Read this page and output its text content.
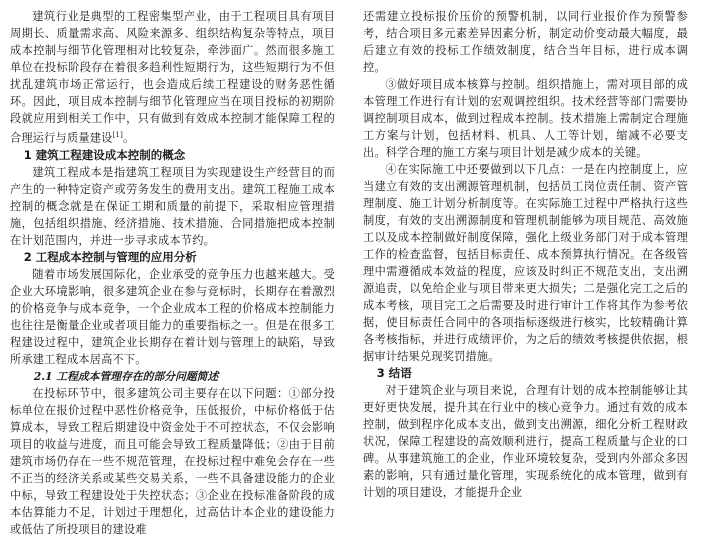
建筑行业是典型的工程密集型产业，由于工程项目具有项目周期长、质量需求高、风险来源多、组织结构复杂等特点，项目成本控制与细节化管理相对比较复杂，牵涉面广。然而很多施工单位在投标阶段存在着很多趋利性短期行为，这些短期行为不但扰乱建筑市场正常运行，也会造成后续工程建设的财务恶性循环。因此，项目成本控制与细节化管理应当在项目投标的初期阶段就应用到相关工作中，只有做到有效成本控制才能保障工程的合理运行与质量建设[1]。

1 建筑工程建设成本控制的概念

建筑工程成本是指建筑工程项目为实现建设生产经营目的而产生的一种特定资产或劳务发生的费用支出。建筑工程施工成本控制的概念就是在保证工期和质量的前提下，采取相应管理措施，包括组织措施、经济措施、技术措施、合同措施把成本控制在计划范围内，并进一步寻求成本节约。

2 工程成本控制与管理的应用分析

随着市场发展国际化，企业承受的竞争压力也越来越大。受企业大环境影响，很多建筑企业在参与竞标时，长期存在着激烈的价格竞争与成本竞争，一个企业成本工程的价格成本控制能力也往往是衡量企业或者项目能力的重要指标之一。但是在很多工程建设过程中，建筑企业长期存在着计划与管理上的缺陷，导致所承建工程成本居高不下。

2.1 工程成本管理存在的部分问题简述

在投标环节中，很多建筑公司主要存在以下问题：①部分投标单位在报价过程中恶性价格竞争，压低报价，中标价格低于估算成本，导致工程后期建设中资金处于不可控状态，不仅会影响项目的收益与进度，而且可能会导致工程质量降低；②由于目前建筑市场仍存在一些不规范管理，在投标过程中难免会存在一些不正当的经济关系或某些交易关系，一些不具备建设能力的企业中标，导致工程建设处于失控状态；③企业在投标准备阶段的成本估算能力不足，计划过于理想化，过高估计本企业的建设能力或低估了所投项目的建设难

还需建立投标报价压价的预警机制，以同行业报价作为预警参考，结合项目多元素差异因素分析，制定动价变动最大幅度，最后建立有效的投标工作绩效制度，结合当年目标，进行成本调控。

③做好项目成本核算与控制。组织措施上，需对项目部的成本管理工作进行有计划的宏观调控组织。技术经营等部门需要协调控制项目成本，做到过程成本控制。技术措施上需制定合理施工方案与计划，包括材料、机具、人工等计划，缩减不必要支出。科学合理的施工方案与项目计划是减少成本的关键。

④在实际施工中还要做到以下几点：一是在内控制度上，应当建立有效的支出溯源管理机制，包括员工岗位责任制、资产管理制度、施工计划分析制度等。在实际施工过程中严格执行这些制度，有效的支出溯源制度和管理机制能够为项目规范、高效施工以及成本控制做好制度保障，强化上级业务部门对于成本管理工作的检查监督，包括目标责任、成本预算执行情况。在各级管理中需遵循成本效益的程度，应该及时纠正不规范支出，支出溯源追责，以免给企业与项目带来更大损失；二是强化完工之后的成本考核，项目完工之后需要及时进行审计工作将其作为参考依据，使目标责任合同中的各项指标逐级进行核实，比较精确计算各考核指标，并进行成绩评价，为之后的绩效考核提供依据，根据审计结果兑现奖罚措施。

3 结语

对于建筑企业与项目来说，合理有计划的成本控制能够让其更好更快发展，提升其在行业中的核心竞争力。通过有效的成本控制，做到程序化成本支出，做到支出溯源，细化分析工程财政状况，保障工程建设的高效顺利进行，提高工程质量与企业的口碑。从事建筑施工的企业，作业环境较复杂，受到内外部众多因素的影响，只有通过量化管理，实现系统化的成本管理，做到有计划的项目建设，才能提升企业
